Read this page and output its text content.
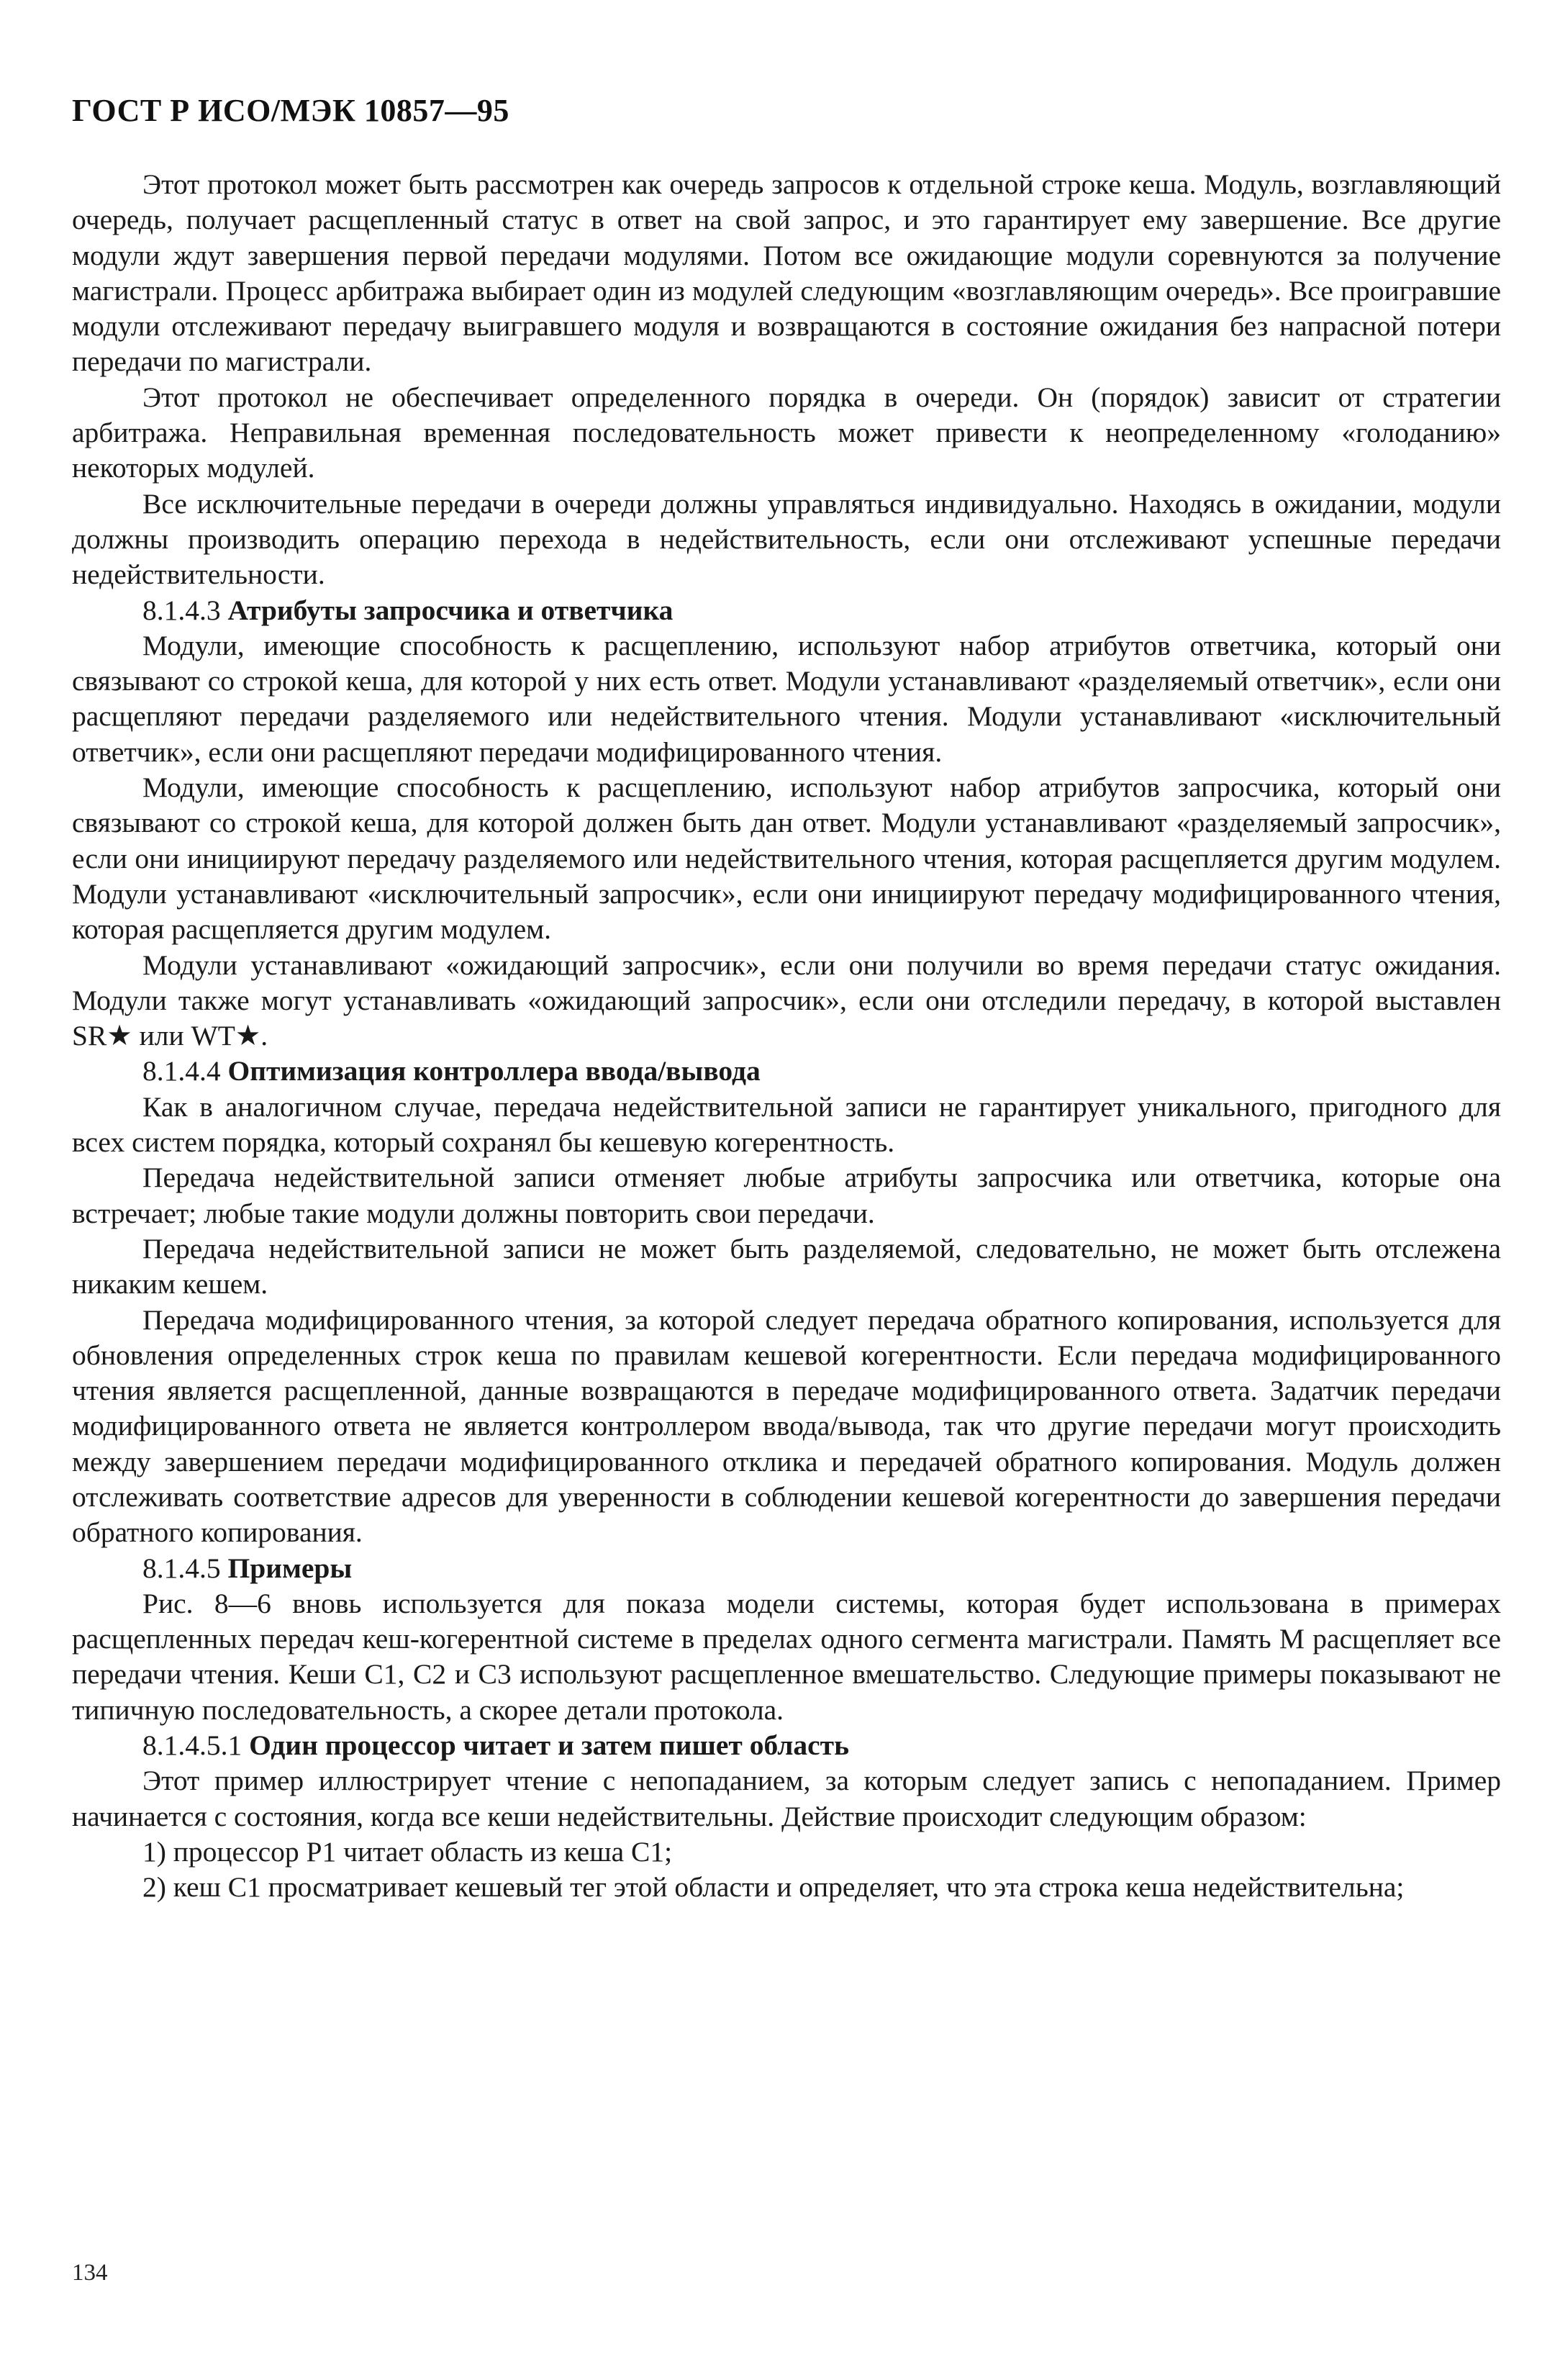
ГОСТ Р ИСО/МЭК 10857—95

Этот протокол может быть рассмотрен как очередь запросов к отдельной строке кеша. Модуль, возглавляющий очередь, получает расщепленный статус в ответ на свой запрос, и это гарантирует ему завершение. Все другие модули ждут завершения первой передачи модулями. Потом все ожидающие модули соревнуются за получение магистрали. Процесс арбитража выбирает один из модулей следующим «возглавляющим очередь». Все проигравшие модули отслеживают передачу выигравшего модуля и возвращаются в состояние ожидания без напрасной потери передачи по магистрали.

Этот протокол не обеспечивает определенного порядка в очереди. Он (порядок) зависит от стратегии арбитража. Неправильная временная последовательность может привести к неопределенному «голоданию» некоторых модулей.

Все исключительные передачи в очереди должны управляться индивидуально. Находясь в ожидании, модули должны производить операцию перехода в недействительность, если они отслеживают успешные передачи недействительности.

8.1.4.3 Атрибуты запросчика и ответчика

Модули, имеющие способность к расщеплению, используют набор атрибутов ответчика, который они связывают со строкой кеша, для которой у них есть ответ. Модули устанавливают «разделяемый ответчик», если они расщепляют передачи разделяемого или недействительного чтения. Модули устанавливают «исключительный ответчик», если они расщепляют передачи модифицированного чтения.

Модули, имеющие способность к расщеплению, используют набор атрибутов запросчика, который они связывают со строкой кеша, для которой должен быть дан ответ. Модули устанавливают «разделяемый запросчик», если они инициируют передачу разделяемого или недействительного чтения, которая расщепляется другим модулем. Модули устанавливают «исключительный запросчик», если они инициируют передачу модифицированного чтения, которая расщепляется другим модулем.

Модули устанавливают «ожидающий запросчик», если они получили во время передачи статус ожидания. Модули также могут устанавливать «ожидающий запросчик», если они отследили передачу, в которой выставлен SR★ или WT★.

8.1.4.4 Оптимизация контроллера ввода/вывода

Как в аналогичном случае, передача недействительной записи не гарантирует уникального, пригодного для всех систем порядка, который сохранял бы кешевую когерентность.

Передача недействительной записи отменяет любые атрибуты запросчика или ответчика, которые она встречает; любые такие модули должны повторить свои передачи.

Передача недействительной записи не может быть разделяемой, следовательно, не может быть отслежена никаким кешем.

Передача модифицированного чтения, за которой следует передача обратного копирования, используется для обновления определенных строк кеша по правилам кешевой когерентности. Если передача модифицированного чтения является расщепленной, данные возвращаются в передаче модифицированного ответа. Задатчик передачи модифицированного ответа не является контроллером ввода/вывода, так что другие передачи могут происходить между завершением передачи модифицированного отклика и передачей обратного копирования. Модуль должен отслеживать соответствие адресов для уверенности в соблюдении кешевой когерентности до завершения передачи обратного копирования.

8.1.4.5 Примеры

Рис. 8—6 вновь используется для показа модели системы, которая будет использована в примерах расщепленных передач кеш-когерентной системе в пределах одного сегмента магистрали. Память М расщепляет все передачи чтения. Кеши С1, С2 и С3 используют расщепленное вмешательство. Следующие примеры показывают не типичную последовательность, а скорее детали протокола.

8.1.4.5.1 Один процессор читает и затем пишет область

Этот пример иллюстрирует чтение с непопаданием, за которым следует запись с непопаданием. Пример начинается с состояния, когда все кеши недействительны. Действие происходит следующим образом:

1) процессор Р1 читает область из кеша С1;

2) кеш С1 просматривает кешевый тег этой области и определяет, что эта строка кеша недействительна;

134
